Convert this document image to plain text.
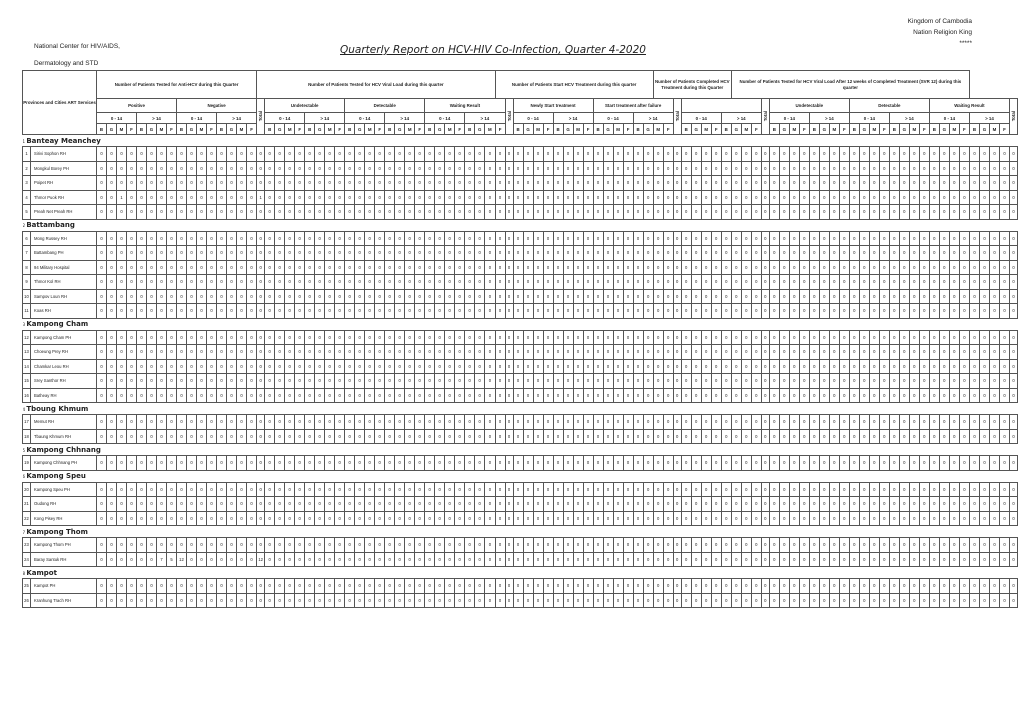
National Center for HIV/AIDS,
Dermatology and STD
Kingdom of Cambodia
Nation Religion King
*****
Quarterly Report on HCV-HIV Co-Infection, Quarter 4-2020
Provinces and Cities ART Services	Number of Patients Tested for Anti-HCV during this Quarter	Number of Patients Tested for HCV Viral Load during this quarter	Number of Patients Start HCV Treatment during this quarter	Number of Patients Completed HCV Treatment during this Quarter	Number of Patients Tested for HCV Viral Load After 12 weeks of Completed Treatment (SVR 12) during this quarter
Positive	Negative	Total	Undetectable	Detectable	Waiting Result	Total	Newly Start treatment	Start treatment after failure	Total		Total	Undetectable	Detectable	Waiting Result	Total
0 - 14	> 14	0 - 14	> 14	0 - 14	> 14	0 - 14	> 14	0 - 14	> 14	0 - 14	> 14	0 - 14	> 14	0 - 14	> 14	0 - 14	> 14	0 - 14	> 14	0 - 14	> 14
B	G	M	F	B	G	M	F	B	G	M	F	B	G	M	F	B	G	M	F	B	G	M	F	B	G	M	F	B	G	M	F	B	G	M	F	B	G	M	F	B	G	M	F	B	G	M	F	B	G	M	F	B	G	M	F	B	G	M	F	B	G	M	F	B	G	M	F	B	G	M	F	B	G	M	F	B	G	M	F	B	G	M	F	B	G	M	F
1 Banteay Meanchey
1	Sirivi Sophon RH	0	0	0	0	0	0	0	0	0	0	0	0	0	0	0	0	0	0	0	0	0	0	0	0	0	0	0	0	0	0	0	0	0	0	0	0	0	0	0	0	0	0	0	0	0	0	0	0	0	0	0	0	0	0	0	0	0	0	0	0	0	0	0	0	0	0	0	0	0	0	0	0	0	0	0	0	0	0	0	0	0	0	0	0	0	0	0	0	0	0	0	0	0
2	Mongkul Borey PH	0	0	0	0	0	0	0	0	0	0	0	0	0	0	0	0	0	0	0	0	0	0	0	0	0	0	0	0	0	0	0	0	0	0	0	0	0	0	0	0	0	0	0	0	0	0	0	0	0	0	0	0	0	0	0	0	0	0	0	0	0	0	0	0	0	0	0	0	0	0	0	0	0	0	0	0	0	0	0	0	0	0	0	0	0	0	0	0	0	0	0	0	0
3	Poipet RH	0	0	0	0	0	0	0	0	0	0	0	0	0	0	0	0	0	0	0	0	0	0	0	0	0	0	0	0	0	0	0	0	0	0	0	0	0	0	0	0	0	0	0	0	0	0	0	0	0	0	0	0	0	0	0	0	0	0	0	0	0	0	0	0	0	0	0	0	0	0	0	0	0	0	0	0	0	0	0	0	0	0	0	0	0	0	0	0	0	0	0	0	0
4	Thmor Puok RH	0	0	1	0	0	0	0	0	0	0	0	0	0	0	0	0	1	0	0	0	0	0	0	0	0	0	0	0	0	0	0	0	0	0	0	0	0	0	0	0	0	0	0	0	0	0	0	0	0	0	0	0	0	0	0	0	0	0	0	0	0	0	0	0	0	0	0	0	0	0	0	0	0	0	0	0	0	0	0	0	0	0	0	0	0	0	0	0	0	0	0	0	0
5	Preah Net Preah RH	0	0	0	0	0	0	0	0	0	0	0	0	0	0	0	0	0	0	0	0	0	0	0	0	0	0	0	0	0	0	0	0	0	0	0	0	0	0	0	0	0	0	0	0	0	0	0	0	0	0	0	0	0	0	0	0	0	0	0	0	0	0	0	0	0	0	0	0	0	0	0	0	0	0	0	0	0	0	0	0	0	0	0	0	0	0	0	0	0	0	0	0	0
2 Battambang
6	Mong Russey RH	0	0	0	0	0	0	0	0	0	0	0	0	0	0	0	0	0	0	0	0	0	0	0	0	0	0	0	0	0	0	0	0	0	0	0	0	0	0	0	0	0	0	0	0	0	0	0	0	0	0	0	0	0	0	0	0	0	0	0	0	0	0	0	0	0	0	0	0	0	0	0	0	0	0	0	0	0	0	0	0	0	0	0	0	0	0	0	0	0	0	0	0	0
7	Battambang PH	0	0	0	0	0	0	0	0	0	0	0	0	0	0	0	0	0	0	0	0	0	0	0	0	0	0	0	0	0	0	0	0	0	0	0	0	0	0	0	0	0	0	0	0	0	0	0	0	0	0	0	0	0	0	0	0	0	0	0	0	0	0	0	0	0	0	0	0	0	0	0	0	0	0	0	0	0	0	0	0	0	0	0	0	0	0	0	0	0	0	0	0	0
8	94 Military Hospital	0	0	0	0	0	0	0	0	0	0	0	0	0	0	0	0	0	0	0	0	0	0	0	0	0	0	0	0	0	0	0	0	0	0	0	0	0	0	0	0	0	0	0	0	0	0	0	0	0	0	0	0	0	0	0	0	0	0	0	0	0	0	0	0	0	0	0	0	0	0	0	0	0	0	0	0	0	0	0	0	0	0	0	0	0	0	0	0	0	0	0	0	0
9	Thmor Kol RH	0	0	0	0	0	0	0	0	0	0	0	0	0	0	0	0	0	0	0	0	0	0	0	0	0	0	0	0	0	0	0	0	0	0	0	0	0	0	0	0	0	0	0	0	0	0	0	0	0	0	0	0	0	0	0	0	0	0	0	0	0	0	0	0	0	0	0	0	0	0	0	0	0	0	0	0	0	0	0	0	0	0	0	0	0	0	0	0	0	0	0	0	0
10	Sampov Loun RH	0	0	0	0	0	0	0	0	0	0	0	0	0	0	0	0	0	0	0	0	0	0	0	0	0	0	0	0	0	0	0	0	0	0	0	0	0	0	0	0	0	0	0	0	0	0	0	0	0	0	0	0	0	0	0	0	0	0	0	0	0	0	0	0	0	0	0	0	0	0	0	0	0	0	0	0	0	0	0	0	0	0	0	0	0	0	0	0	0	0	0	0	0
11	Koas RH	0	0	0	0	0	0	0	0	0	0	0	0	0	0	0	0	0	0	0	0	0	0	0	0	0	0	0	0	0	0	0	0	0	0	0	0	0	0	0	0	0	0	0	0	0	0	0	0	0	0	0	0	0	0	0	0	0	0	0	0	0	0	0	0	0	0	0	0	0	0	0	0	0	0	0	0	0	0	0	0	0	0	0	0	0	0	0	0	0	0	0	0	0
3 Kampong Cham
12	Kampong Cham PH	0	0	0	0	0	0	0	0	0	0	0	0	0	0	0	0	0	0	0	0	0	0	0	0	0	0	0	0	0	0	0	0	0	0	0	0	0	0	0	0	0	0	0	0	0	0	0	0	0	0	0	0	0	0	0	0	0	0	0	0	0	0	0	0	0	0	0	0	0	0	0	0	0	0	0	0	0	0	0	0	0	0	0	0	0	0	0	0	0	0	0	0	0
13	Choeung Prey RH	0	0	0	0	0	0	0	0	0	0	0	0	0	0	0	0	0	0	0	0	0	0	0	0	0	0	0	0	0	0	0	0	0	0	0	0	0	0	0	0	0	0	0	0	0	0	0	0	0	0	0	0	0	0	0	0	0	0	0	0	0	0	0	0	0	0	0	0	0	0	0	0	0	0	0	0	0	0	0	0	0	0	0	0	0	0	0	0	0	0	0	0	0
14	Chamkar Leou RH	0	0	0	0	0	0	0	0	0	0	0	0	0	0	0	0	0	0	0	0	0	0	0	0	0	0	0	0	0	0	0	0	0	0	0	0	0	0	0	0	0	0	0	0	0	0	0	0	0	0	0	0	0	0	0	0	0	0	0	0	0	0	0	0	0	0	0	0	0	0	0	0	0	0	0	0	0	0	0	0	0	0	0	0	0	0	0	0	0	0	0	0	0
15	Srey Santhor RH	0	0	0	0	0	0	0	0	0	0	0	0	0	0	0	0	0	0	0	0	0	0	0	0	0	0	0	0	0	0	0	0	0	0	0	0	0	0	0	0	0	0	0	0	0	0	0	0	0	0	0	0	0	0	0	0	0	0	0	0	0	0	0	0	0	0	0	0	0	0	0	0	0	0	0	0	0	0	0	0	0	0	0	0	0	0	0	0	0	0	0	0	0
16	Batheay RH	0	0	0	0	0	0	0	0	0	0	0	0	0	0	0	0	0	0	0	0	0	0	0	0	0	0	0	0	0	0	0	0	0	0	0	0	0	0	0	0	0	0	0	0	0	0	0	0	0	0	0	0	0	0	0	0	0	0	0	0	0	0	0	0	0	0	0	0	0	0	0	0	0	0	0	0	0	0	0	0	0	0	0	0	0	0	0	0	0	0	0	0	0
4 Tboung Khmum
17	Memut RH	0	0	0	0	0	0	0	0	0	0	0	0	0	0	0	0	0	0	0	0	0	0	0	0	0	0	0	0	0	0	0	0	0	0	0	0	0	0	0	0	0	0	0	0	0	0	0	0	0	0	0	0	0	0	0	0	0	0	0	0	0	0	0	0	0	0	0	0	0	0	0	0	0	0	0	0	0	0	0	0	0	0	0	0	0	0	0	0	0	0	0	0	0
18	Tbaung Khmum RH	0	0	0	0	0	0	0	0	0	0	0	0	0	0	0	0	0	0	0	0	0	0	0	0	0	0	0	0	0	0	0	0	0	0	0	0	0	0	0	0	0	0	0	0	0	0	0	0	0	0	0	0	0	0	0	0	0	0	0	0	0	0	0	0	0	0	0	0	0	0	0	0	0	0	0	0	0	0	0	0	0	0	0	0	0	0	0	0	0	0	0	0	0
5 Kampong Chhnang
19	Kampong Chhnang PH	0	0	0	0	0	0	0	0	0	0	0	0	0	0	0	0	0	0	0	0	0	0	0	0	0	0	0	0	0	0	0	0	0	0	0	0	0	0	0	0	0	0	0	0	0	0	0	0	0	0	0	0	0	0	0	0	0	0	0	0	0	0	0	0	0	0	0	0	0	0	0	0	0	0	0	0	0	0	0	0	0	0	0	0	0	0	0	0	0	0	0	0	0
6 Kampong Speu
20	Kampong Speu PH	0	0	0	0	0	0	0	0	0	0	0	0	0	0	0	0	0	0	0	0	0	0	0	0	0	0	0	0	0	0	0	0	0	0	0	0	0	0	0	0	0	0	0	0	0	0	0	0	0	0	0	0	0	0	0	0	0	0	0	0	0	0	0	0	0	0	0	0	0	0	0	0	0	0	0	0	0	0	0	0	0	0	0	0	0	0	0	0	0	0	0	0	0
21	Oudong RH	0	0	0	0	0	0	0	0	0	0	0	0	0	0	0	0	0	0	0	0	0	0	0	0	0	0	0	0	0	0	0	0	0	0	0	0	0	0	0	0	0	0	0	0	0	0	0	0	0	0	0	0	0	0	0	0	0	0	0	0	0	0	0	0	0	0	0	0	0	0	0	0	0	0	0	0	0	0	0	0	0	0	0	0	0	0	0	0	0	0	0	0	0
22	Kong Pisey RH	0	0	0	0	0	0	0	0	0	0	0	0	0	0	0	0	0	0	0	0	0	0	0	0	0	0	0	0	0	0	0	0	0	0	0	0	0	0	0	0	0	0	0	0	0	0	0	0	0	0	0	0	0	0	0	0	0	0	0	0	0	0	0	0	0	0	0	0	0	0	0	0	0	0	0	0	0	0	0	0	0	0	0	0	0	0	0	0	0	0	0	0	0
7 Kampong Thom
23	Kampong Thom PH	0	0	0	0	0	0	0	0	0	0	0	0	0	0	0	0	0	0	0	0	0	0	0	0	0	0	0	0	0	0	0	0	0	0	0	0	0	0	0	0	0	0	0	0	0	0	0	0	0	0	0	0	0	0	0	0	0	0	0	0	0	0	0	0	0	0	0	0	0	0	0	0	0	0	0	0	0	0	0	0	0	0	0	0	0	0	0	0	0	0	0	0	0
24	Baray Santuk RH	0	0	0	0	0	0	7	5	12	0	0	0	0	0	0	0	12	0	0	0	0	0	0	0	0	0	0	0	0	0	0	0	0	0	0	0	0	0	0	0	0	0	0	0	0	0	0	0	0	0	0	0	0	0	0	0	0	0	0	0	0	0	0	0	0	0	0	0	0	0	0	0	0	0	0	0	0	0	0	0	0	0	0	0	0	0	0	0	0	0	0	0	0
8 Kampot
25	Kampot PH	0	0	0	0	0	0	0	0	0	0	0	0	0	0	0	0	0	0	0	0	0	0	0	0	0	0	0	0	0	0	0	0	0	0	0	0	0	0	0	0	0	0	0	0	0	0	0	0	0	0	0	0	0	0	0	0	0	0	0	0	0	0	0	0	0	0	0	0	0	0	0	0	0	0	0	0	0	0	0	0	0	0	0	0	0	0	0	0	0	0	0	0	0
26	Kranhung Trach RH	0	0	0	0	0	0	0	0	0	0	0	0	0	0	0	0	0	0	0	0	0	0	0	0	0	0	0	0	0	0	0	0	0	0	0	0	0	0	0	0	0	0	0	0	0	0	0	0	0	0	0	0	0	0	0	0	0	0	0	0	0	0	0	0	0	0	0	0	0	0	0	0	0	0	0	0	0	0	0	0	0	0	0	0	0	0	0	0	0	0	0	0	0
